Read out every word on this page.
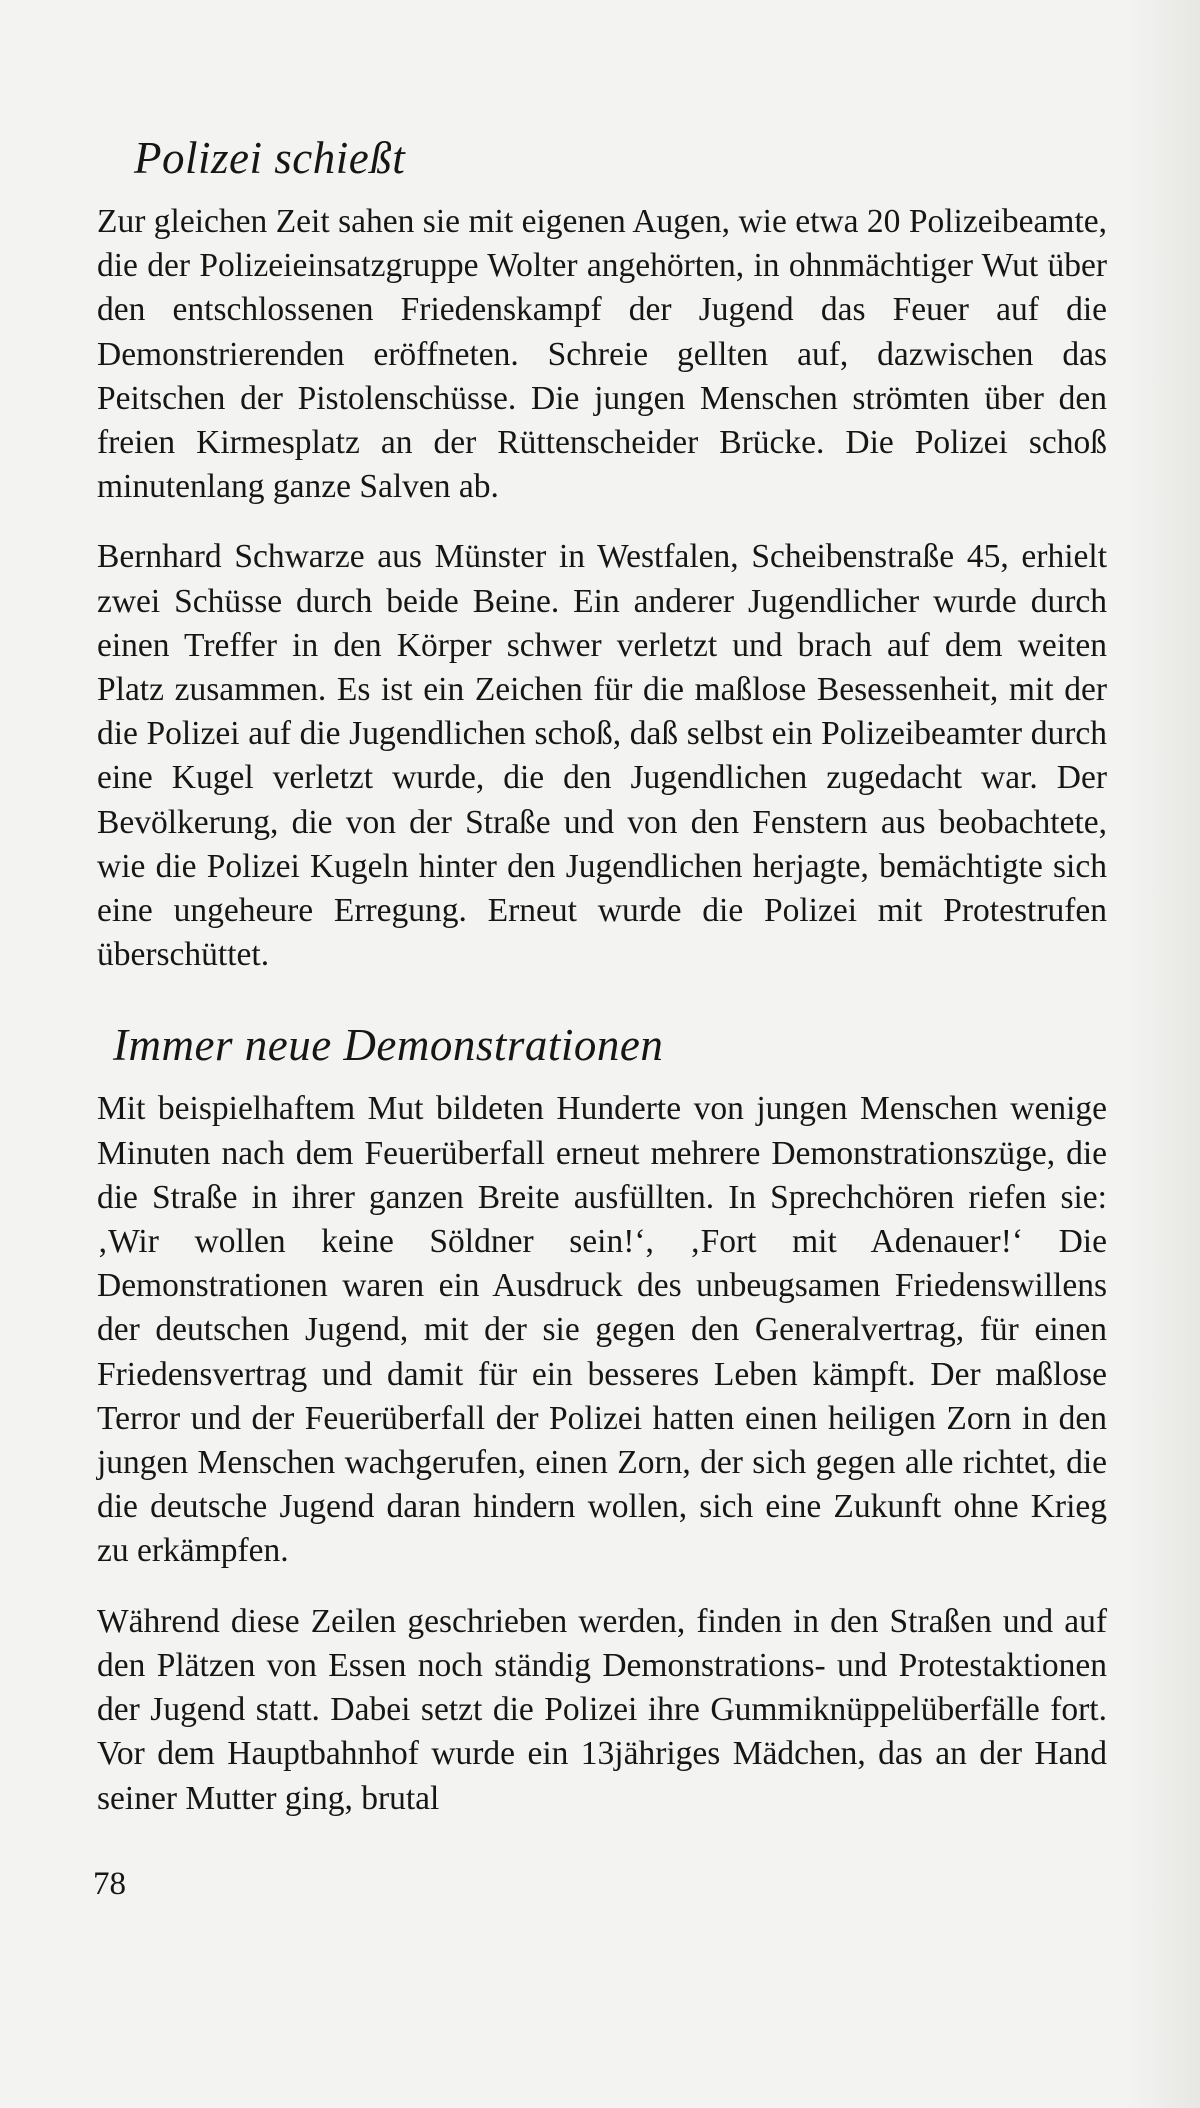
Polizei schießt

Zur gleichen Zeit sahen sie mit eigenen Augen, wie etwa 20 Polizeibeamte, die der Polizeieinsatzgruppe Wolter angehörten, in ohnmächtiger Wut über den entschlossenen Friedenskampf der Jugend das Feuer auf die Demonstrierenden eröffneten. Schreie gellten auf, dazwischen das Peitschen der Pistolenschüsse. Die jungen Menschen strömten über den freien Kirmesplatz an der Rüttenscheider Brücke. Die Polizei schoß minutenlang ganze Salven ab.

Bernhard Schwarze aus Münster in Westfalen, Scheibenstraße 45, erhielt zwei Schüsse durch beide Beine. Ein anderer Jugendlicher wurde durch einen Treffer in den Körper schwer verletzt und brach auf dem weiten Platz zusammen. Es ist ein Zeichen für die maßlose Besessenheit, mit der die Polizei auf die Jugendlichen schoß, daß selbst ein Polizeibeamter durch eine Kugel verletzt wurde, die den Jugendlichen zugedacht war. Der Bevölkerung, die von der Straße und von den Fenstern aus beobachtete, wie die Polizei Kugeln hinter den Jugendlichen herjagte, bemächtigte sich eine ungeheure Erregung. Erneut wurde die Polizei mit Protestrufen überschüttet.

Immer neue Demonstrationen

Mit beispielhaftem Mut bildeten Hunderte von jungen Menschen wenige Minuten nach dem Feuerüberfall erneut mehrere Demonstrationszüge, die die Straße in ihrer ganzen Breite ausfüllten. In Sprechchören riefen sie: ‚Wir wollen keine Söldner sein!‘, ‚Fort mit Adenauer!‘ Die Demonstrationen waren ein Ausdruck des unbeugsamen Friedenswillens der deutschen Jugend, mit der sie gegen den Generalvertrag, für einen Friedensvertrag und damit für ein besseres Leben kämpft. Der maßlose Terror und der Feuerüberfall der Polizei hatten einen heiligen Zorn in den jungen Menschen wachgerufen, einen Zorn, der sich gegen alle richtet, die die deutsche Jugend daran hindern wollen, sich eine Zukunft ohne Krieg zu erkämpfen.

Während diese Zeilen geschrieben werden, finden in den Straßen und auf den Plätzen von Essen noch ständig Demonstrations- und Protestaktionen der Jugend statt. Dabei setzt die Polizei ihre Gummiknüppelüberfälle fort. Vor dem Hauptbahnhof wurde ein 13jähriges Mädchen, das an der Hand seiner Mutter ging, brutal

78
